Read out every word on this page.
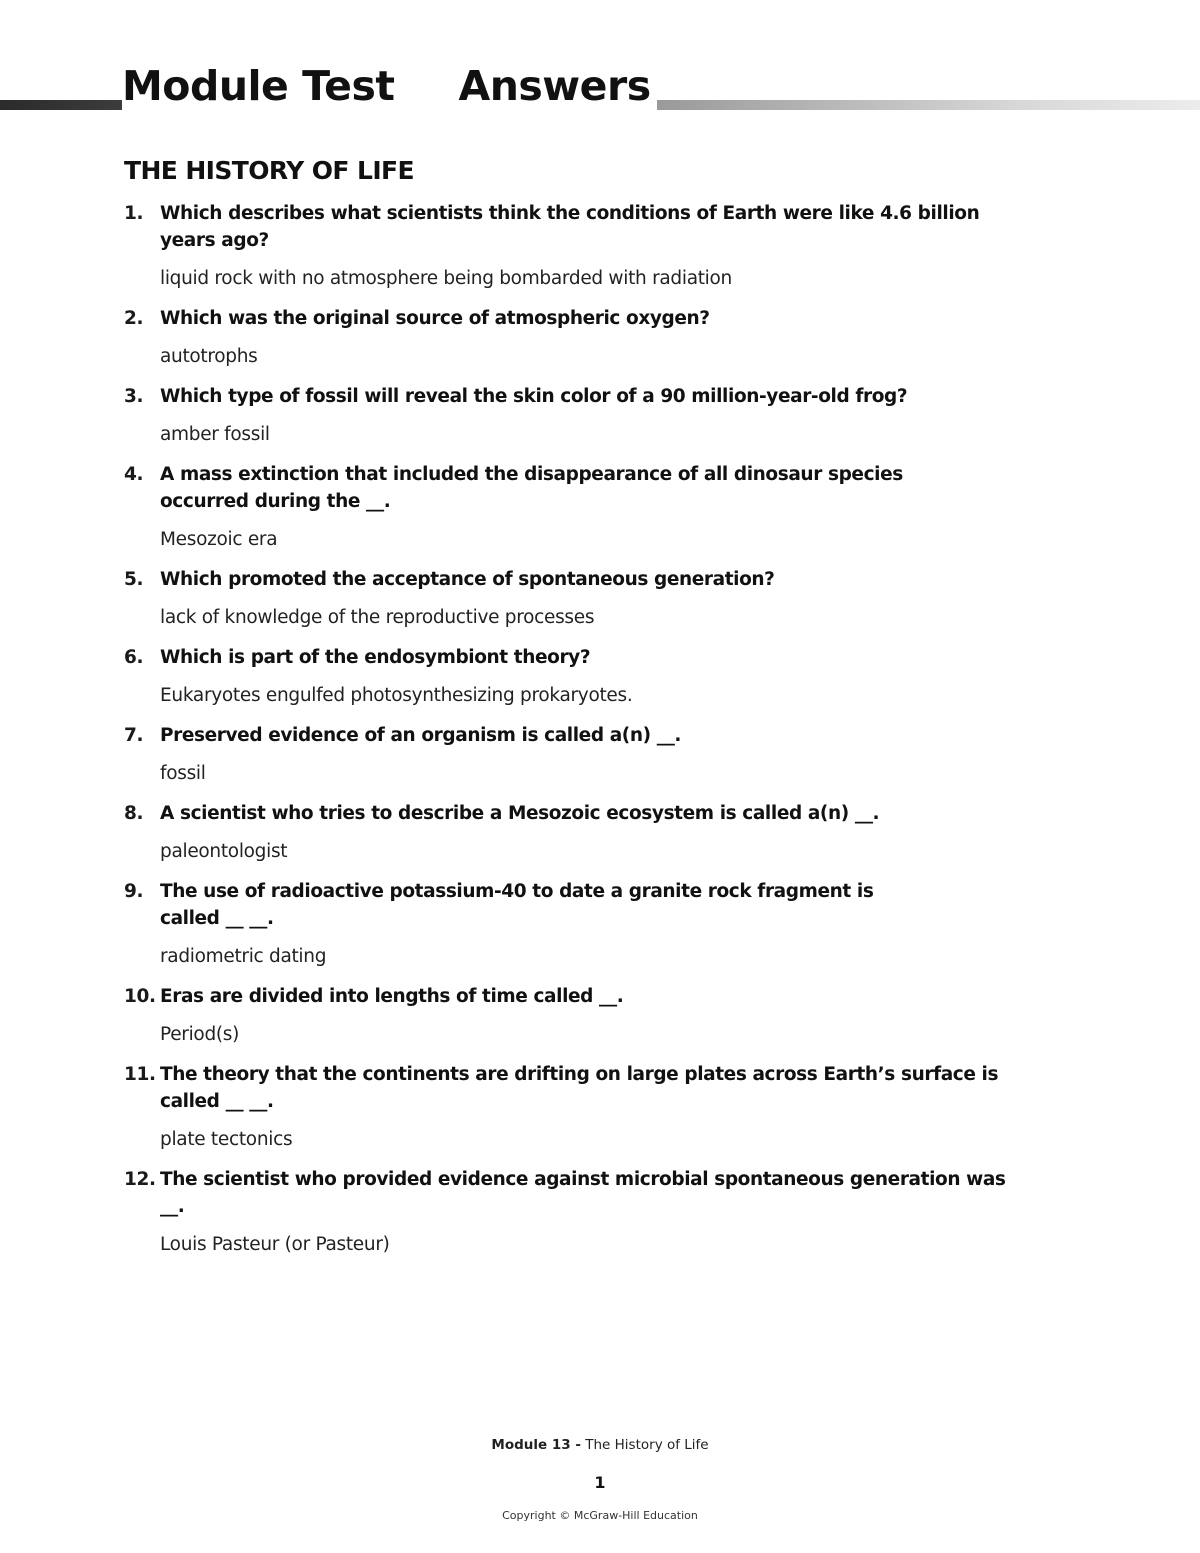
Module Test Answers
THE HISTORY OF LIFE
1. Which describes what scientists think the conditions of Earth were like 4.6 billion years ago?

liquid rock with no atmosphere being bombarded with radiation

2. Which was the original source of atmospheric oxygen?

autotrophs

3. Which type of fossil will reveal the skin color of a 90 million-year-old frog?

amber fossil

4. A mass extinction that included the disappearance of all dinosaur species occurred during the __.

Mesozoic era

5. Which promoted the acceptance of spontaneous generation?

lack of knowledge of the reproductive processes

6. Which is part of the endosymbiont theory?

Eukaryotes engulfed photosynthesizing prokaryotes.

7. Preserved evidence of an organism is called a(n) __.

fossil

8. A scientist who tries to describe a Mesozoic ecosystem is called a(n) __.

paleontologist

9. The use of radioactive potassium-40 to date a granite rock fragment is called __ __.

radiometric dating

10. Eras are divided into lengths of time called __.

Period(s)

11. The theory that the continents are drifting on large plates across Earth’s surface is called __ __.

plate tectonics

12. The scientist who provided evidence against microbial spontaneous generation was __.

Louis Pasteur (or Pasteur)

Module 13 - The History of Life
1
Copyright © McGraw-Hill Education
